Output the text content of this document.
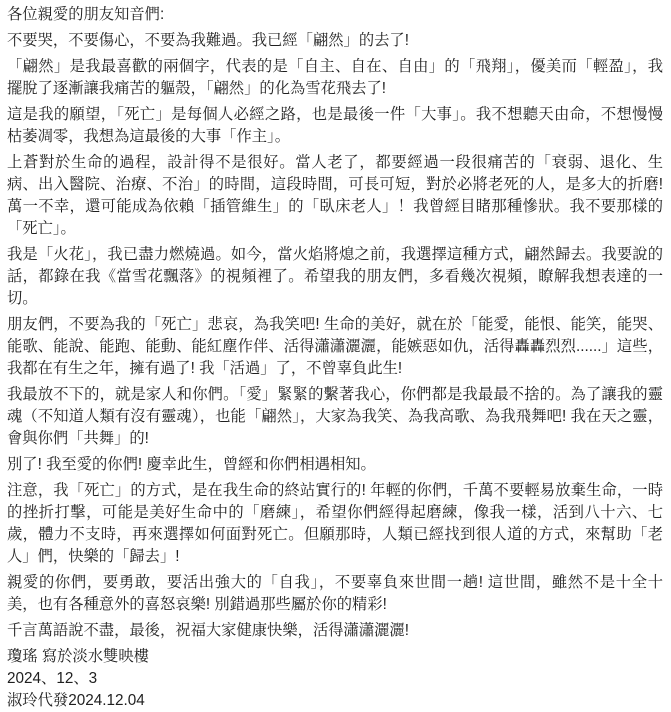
各位親愛的朋友知音們:

不要哭，不要傷心，不要為我難過。我已經「翩然」的去了!

「翩然」是我最喜歡的兩個字，代表的是「自主、自在、自由」的「飛翔」，優美而「輕盈」，我擺脫了逐漸讓我痛苦的軀殼，「翩然」的化為雪花飛去了!

這是我的願望，「死亡」是每個人必經之路，也是最後一件「大事」。我不想聽天由命，不想慢慢枯萎凋零，我想為這最後的大事「作主」。

上蒼對於生命的過程，設計得不是很好。當人老了，都要經過一段很痛苦的「衰弱、退化、生病、出入醫院、治療、不治」的時間，這段時間，可長可短，對於必將老死的人，是多大的折磨! 萬一不幸，還可能成為依賴「插管維生」的「臥床老人」！我曾經目睹那種慘狀。我不要那樣的「死亡」。

我是「火花」，我已盡力燃燒過。如今，當火焰將熄之前，我選擇這種方式，翩然歸去。我要說的話，都錄在我《當雪花飄落》的視頻裡了。希望我的朋友們，多看幾次視頻，瞭解我想表達的一切。

朋友們，不要為我的「死亡」悲哀，為我笑吧! 生命的美好，就在於「能愛，能恨、能笑，能哭、能歌、能說、能跑、能動、能紅塵作伴、活得瀟瀟灑灑，能嫉惡如仇，活得轟轟烈烈......」這些，我都在有生之年，擁有過了! 我「活過」了，不曾辜負此生!

我最放不下的，就是家人和你們。「愛」緊緊的繫著我心，你們都是我最最不捨的。為了讓我的靈魂（不知道人類有沒有靈魂），也能「翩然」，大家為我笑、為我高歌、為我飛舞吧! 我在天之靈，會與你們「共舞」的!

別了! 我至愛的你們! 慶幸此生，曾經和你們相遇相知。

注意，我「死亡」的方式，是在我生命的終站實行的! 年輕的你們，千萬不要輕易放棄生命，一時的挫折打擊，可能是美好生命中的「磨練」，希望你們經得起磨練，像我一樣，活到八十六、七歲，體力不支時，再來選擇如何面對死亡。但願那時，人類已經找到很人道的方式，來幫助「老人」們，快樂的「歸去」!

親愛的你們，要勇敢，要活出強大的「自我」，不要辜負來世間一趟! 這世間，雖然不是十全十美，也有各種意外的喜怒哀樂! 別錯過那些屬於你的精彩!

千言萬語說不盡，最後，祝福大家健康快樂，活得瀟瀟灑灑!

瓊瑤 寫於淡水雙映樓

2024、12、3

淑玲代發2024.12.04
